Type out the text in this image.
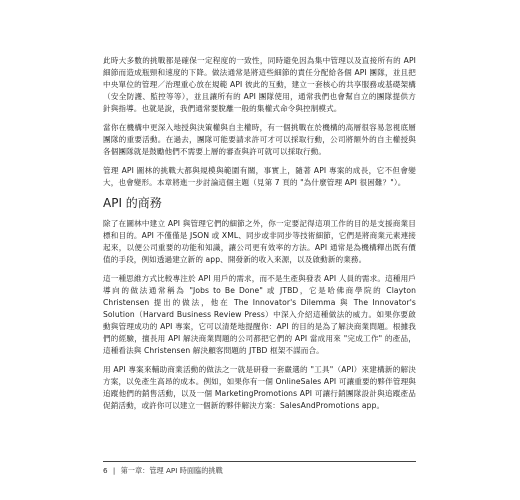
此時大多數的挑戰都是確保一定程度的一致性，同時避免因為集中管理以及直接所有的 API 細節而造成瓶頸和速度的下降。做法通常是將這些細節的責任分配給各個 API 團隊，並且把中央單位的管理／治理重心放在規範 API 彼此的互動，建立一套核心的共享服務或基礎架構（安全防護、監控等等），並且讓所有的 API 團隊使用，通常我們也會幫自立的團隊提供方針與指導。也就是說，我們通常要脫離一般的集權式命令與控制模式。

當你在機構中更深入地授與決策權與自主權時，有一個挑戰在於機構的高層很容易忽視底層團隊的重要活動。在過去，團隊可能要請求許可才可以採取行動，公司將額外的自主權授與各個團隊就是鼓勵他們不需要上層的審查與許可就可以採取行動。

管理 API 圖林的挑戰大都與規模與範圍有關，事實上，隨著 API 專案的成長，它不但會變大，也會變形。本章將進一步討論這個主題（見第 7 頁的 "為什麼管理 API 很困難？"）。

API 的商務

除了在圖林中建立 API 與管理它們的細節之外，你一定要記得這項工作的目的是支援商業目標和目的。API 不僅僅是 JSON 或 XML、同步或非同步等技術細節，它們是將商業元素連接起來，以便公司重要的功能和知識，讓公司更有效率的方法。API 通常是為機構釋出既有價值的手段，例如透過建立新的 app、開發新的收入來源，以及啟動新的業務。

這一種思維方式比較專注於 API 用戶的需求，而不是生產與發表 API 人員的需求。這種用戶導向的做法通常稱為 "Jobs to Be Done" 或 JTBD，它是哈佛商學院的 Clayton Christensen 提出的做法，他在 The Innovator's Dilemma 與 The Innovator's Solution（Harvard Business Review Press）中深入介紹這種做法的威力。如果你要啟動與管理成功的 API 專案，它可以清楚地提醒你：API 的目的是為了解決商業問題。根據我們的經驗，擅長用 API 解決商業問題的公司都把它們的 API 當成用來 "完成工作" 的產品，這種看法與 Christensen 解決顧客問題的 JTBD 框架不謀而合。

用 API 專案來輔助商業活動的做法之一就是研發一套嚴選的 "工具"（API）來建構新的解決方案，以免產生高昂的成本。例如，如果你有一個 OnlineSales API 可讓重要的夥伴管理與追蹤他們的銷售活動，以及一個 MarketingPromotions API 可讓行銷團隊設計與追蹤產品促銷活動，或許你可以建立一個新的夥伴解決方案：SalesAndPromotions app。

6 | 第一章：管理 API 時面臨的挑戰
